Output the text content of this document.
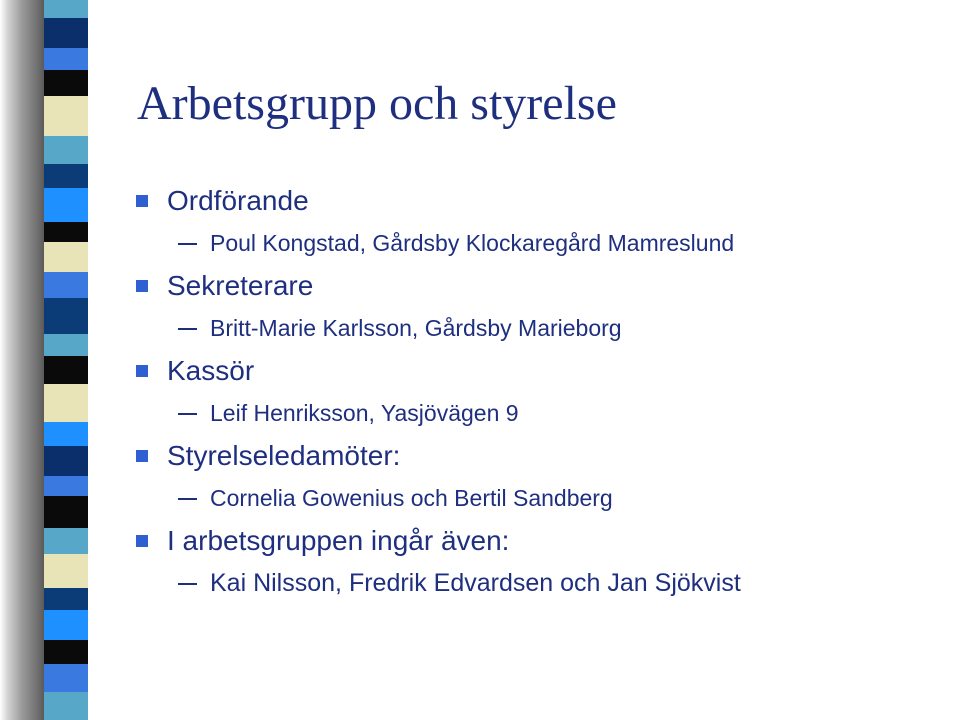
Arbetsgrupp och styrelse
Ordförande
Poul Kongstad, Gårdsby Klockaregård Mamreslund
Sekreterare
Britt-Marie Karlsson, Gårdsby Marieborg
Kassör
Leif Henriksson, Yasjövägen 9
Styrelseledamöter:
Cornelia Gowenius och Bertil Sandberg
I arbetsgruppen ingår även:
Kai Nilsson, Fredrik Edvardsen och Jan Sjökvist
